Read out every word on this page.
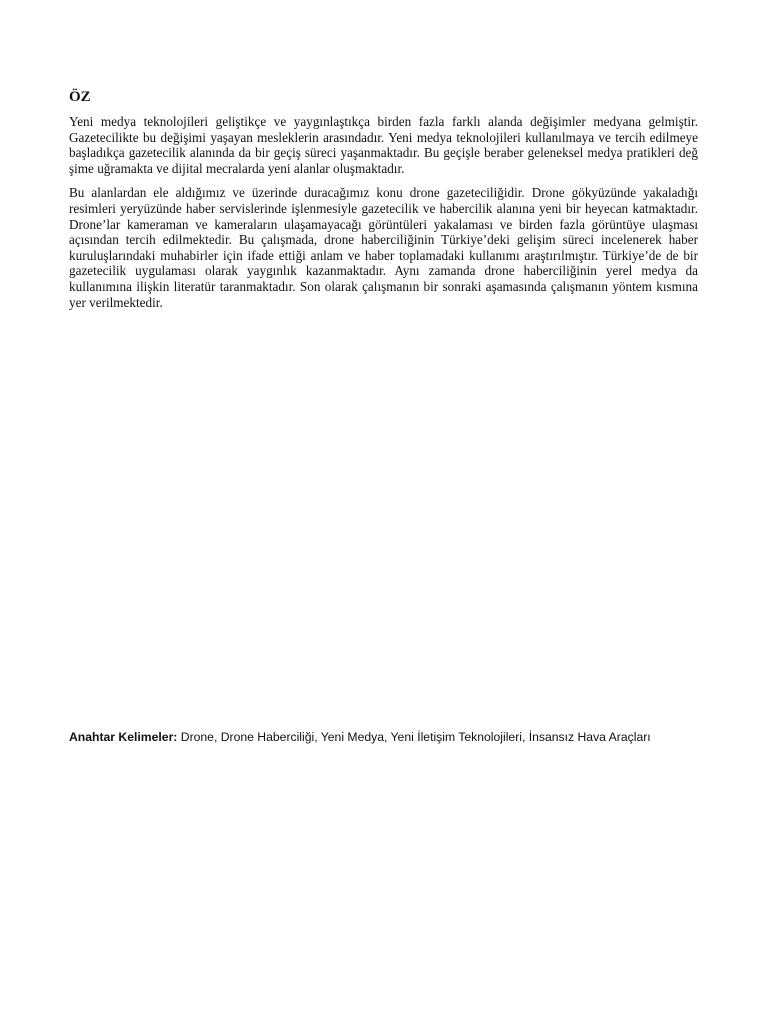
ÖZ

Yeni medya teknolojileri geliştikçe ve yaygınlaştıkça birden fazla farklı alanda değişimler medyana gelmiştir. Gazetecilikte bu değişimi yaşayan mesleklerin arasındadır. Yeni medya teknolojileri kullanılmaya ve tercih edilmeye başladıkça gazetecilik alanında da bir geçiş süreci yaşanmaktadır. Bu geçişle beraber geleneksel medya pratikleri değ şime uğramakta ve dijital mecralarda yeni alanlar oluşmaktadır.

Bu alanlardan ele aldığımız ve üzerinde duracağımız konu drone gazeteciliğidir. Drone gökyüzünde yakaladığı resimleri yeryüzünde haber servislerinde işlenmesiyle gazetecilik ve habercilik alanına yeni bir heyecan katmaktadır. Drone’lar kameraman ve kameraların ulaşamayacağı görüntüleri yakalaması ve birden fazla görüntüye ulaşması açısından tercih edilmektedir. Bu çalışmada, drone haberciliğinin Türkiye’deki gelişim süreci incelenerek haber kuruluşlarındaki muhabirler için ifade ettiği anlam ve haber toplamadaki kullanımı araştırılmıştır. Türkiye’de de bir gazetecilik uygulaması olarak yaygınlık kazanmaktadır. Aynı zamanda drone haberciliğinin yerel medya da kullanımına ilişkin literatür taranmaktadır. Son olarak çalışmanın bir sonraki aşamasında çalışmanın yöntem kısmına yer verilmektedir.

Anahtar Kelimeler: Drone, Drone Haberciliği, Yeni Medya, Yeni İletişim Teknolojileri, İnsansız Hava Araçları
